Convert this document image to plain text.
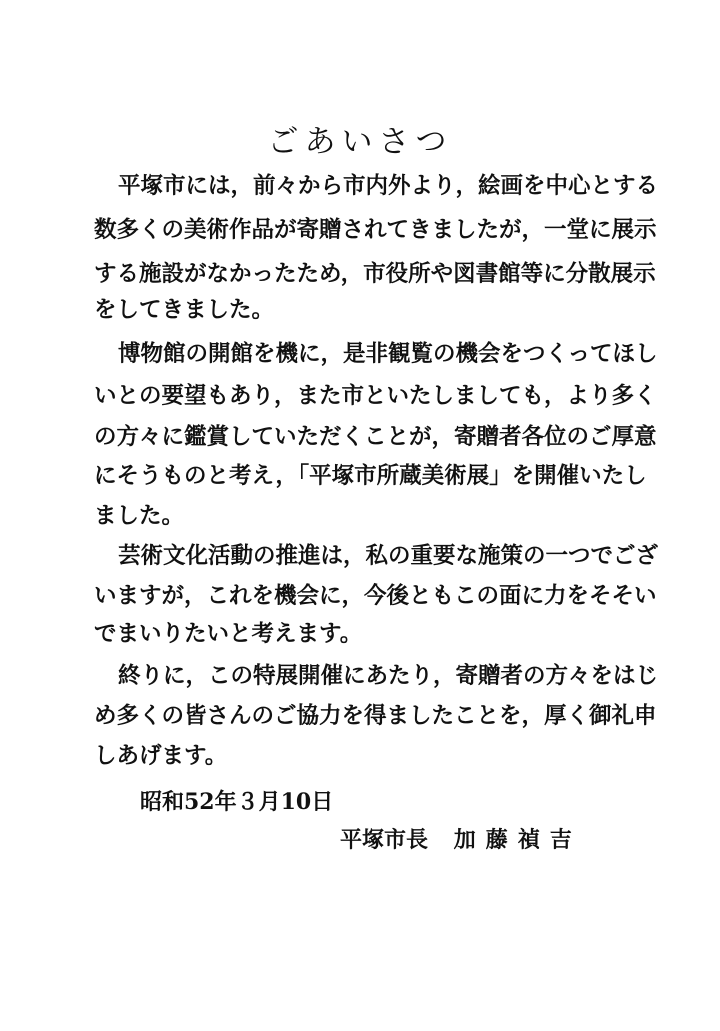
ごあいさつ
平塚市には，前々から市内外より，絵画を中心とする
数多くの美術作品が寄贈されてきましたが，一堂に展示
する施設がなかったため，市役所や図書館等に分散展示
をしてきました。
博物館の開館を機に，是非観覧の機会をつくってほし
いとの要望もあり，また市といたしましても，より多く
の方々に鑑賞していただくことが，寄贈者各位のご厚意
にそうものと考え，「平塚市所蔵美術展」を開催いたし
ました。
芸術文化活動の推進は，私の重要な施策の一つでござ
いますが，これを機会に，今後ともこの面に力をそそい
でまいりたいと考えます。
終りに，この特展開催にあたり，寄贈者の方々をはじ
め多くの皆さんのご協力を得ましたことを，厚く御礼申
しあげます。
昭和52年３月10日
平塚市長 加藤禎吉
